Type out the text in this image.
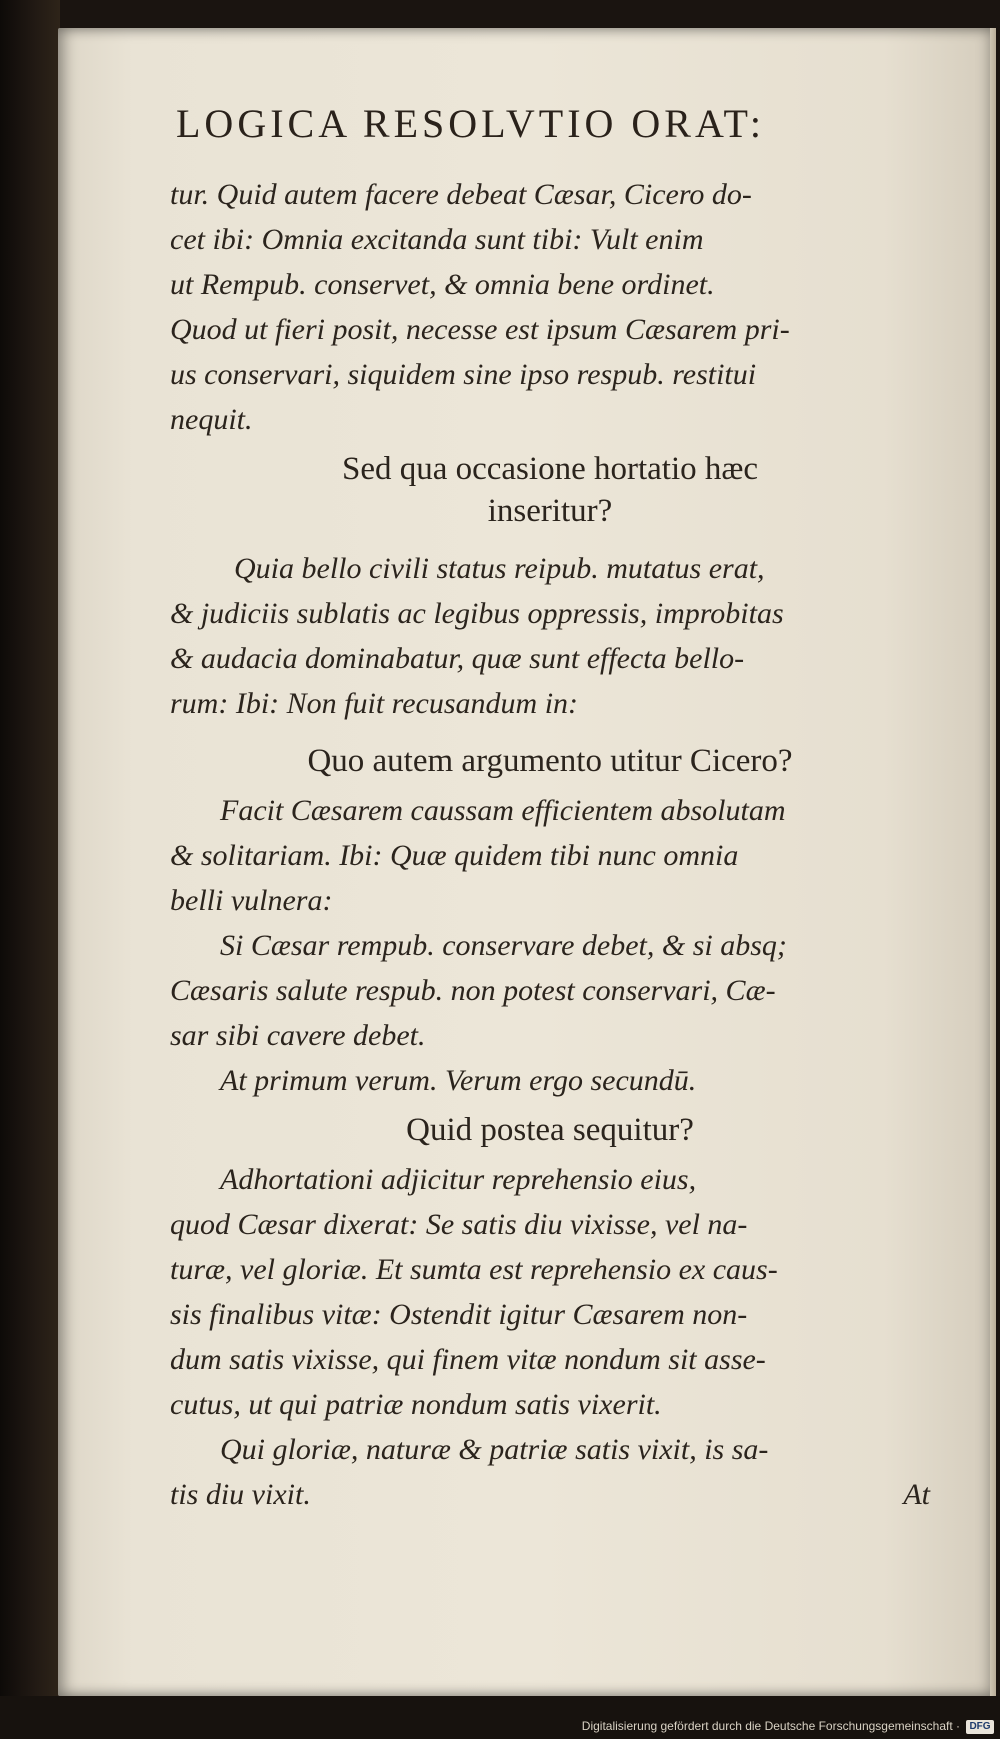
LOGICA RESOLVTIO ORAT:

tur. Quid autem facere debeat Cæsar, Cicero do-

cet ibi: Omnia excitanda sunt tibi: Vult enim

ut Rempub. conservet, & omnia bene ordinet.

Quod ut fieri posit, necesse est ipsum Cæsarem pri-

us conservari, siquidem sine ipso respub. restitui

nequit.

Sed qua occasione hortatio hæc

inseritur?

Quia bello civili status reipub. mutatus erat,

& judiciis sublatis ac legibus oppressis, improbitas

& audacia dominabatur, quæ sunt effecta bello-

rum: Ibi: Non fuit recusandum in:

Quo autem argumento utitur Cicero?

Facit Cæsarem caussam efficientem absolutam

& solitariam. Ibi: Quæ quidem tibi nunc omnia

belli vulnera:

Si Cæsar rempub. conservare debet, & si absq;

Cæsaris salute respub. non potest conservari, Cæ-

sar sibi cavere debet.

At primum verum. Verum ergo secundū.

Quid postea sequitur?

Adhortationi adjicitur reprehensio eius,

quod Cæsar dixerat: Se satis diu vixisse, vel na-

turæ, vel gloriæ. Et sumta est reprehensio ex caus-

sis finalibus vitæ: Ostendit igitur Cæsarem non-

dum satis vixisse, qui finem vitæ nondum sit asse-

cutus, ut qui patriæ nondum satis vixerit.

Qui gloriæ, naturæ & patriæ satis vixit, is sa-

tis diu vixit.	At

Digitalisierung gefördert durch die Deutsche Forschungsgemeinschaft · DFG
